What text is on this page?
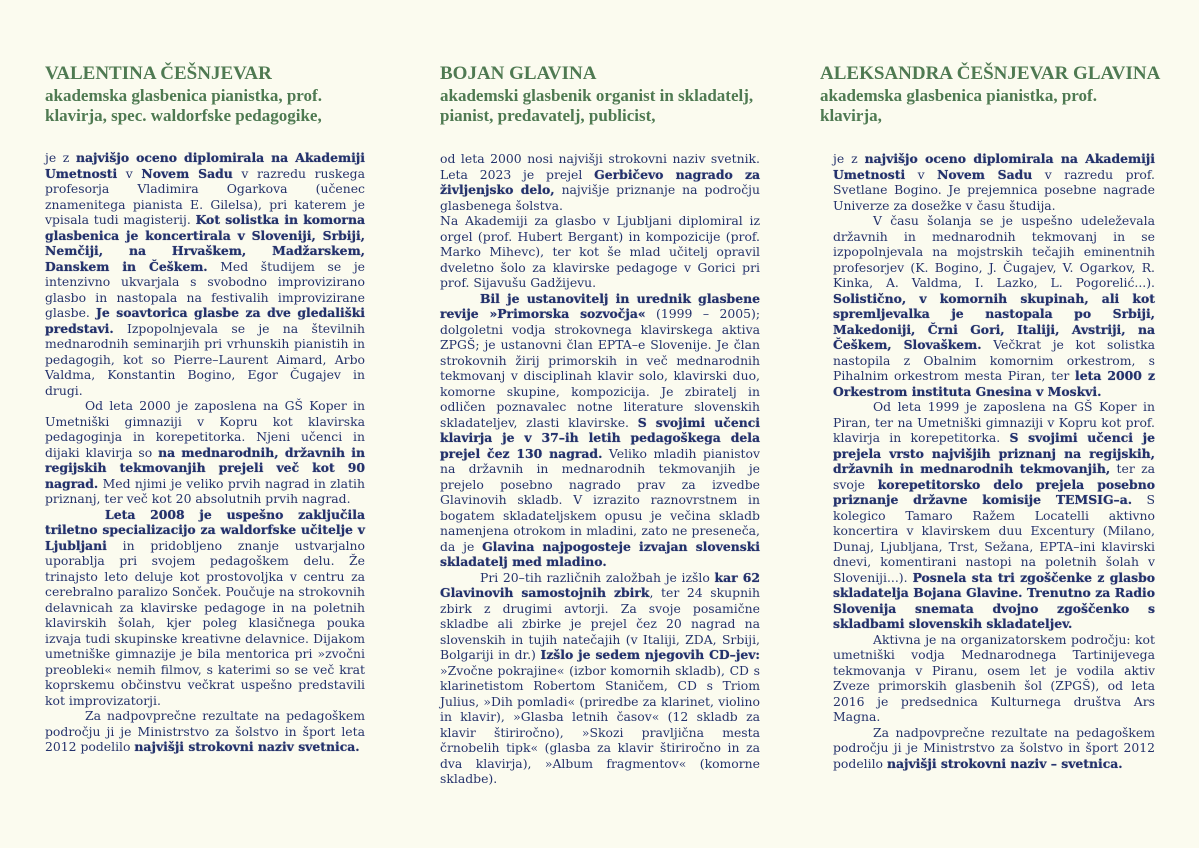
VALENTINA ČEŠNJEVAR
akademska glasbenica pianistka, prof. klavirja, spec. waldorfske pedagogike,
BOJAN GLAVINA
akademski glasbenik organist in skladatelj, pianist, predavatelj, publicist,
ALEKSANDRA ČEŠNJEVAR GLAVINA
akademska glasbenica pianistka, prof. klavirja,

je z najvišjo oceno diplomirala na Akademiji Umetnosti v Novem Sadu v razredu ruskega profesorja Vladimira Ogarkova (učenec znamenitega pianista E. Gilelsa), pri katerem je vpisala tudi magisterij. Kot solistka in komorna glasbenica je koncertirala v Sloveniji, Srbiji, Nemčiji, na Hrvaškem, Madžarskem, Danskem in Češkem. Med študijem se je intenzivno ukvarjala s svobodno improvizirano glasbo in nastopala na festivalih improvizirane glasbe. Je soavtorica glasbe za dve gledališki predstavi. Izpopolnjevala se je na številnih mednarodnih seminarjih pri vrhunskih pianistih in pedagogih, kot so Pierre–Laurent Aimard, Arbo Valdma, Konstantin Bogino, Egor Čugajev in drugi.

Od leta 2000 je zaposlena na GŠ Koper in Umetniški gimnaziji v Kopru kot klavirska pedagoginja in korepetitorka. Njeni učenci in dijaki klavirja so na mednarodnih, državnih in regijskih tekmovanjih prejeli več kot 90 nagrad. Med njimi je veliko prvih nagrad in zlatih priznanj, ter več kot 20 absolutnih prvih nagrad.

Leta 2008 je uspešno zaključila triletno specializacijo za waldorfske učitelje v Ljubljani in pridobljeno znanje ustvarjalno uporablja pri svojem pedagoškem delu. Že trinajsto leto deluje kot prostovoljka v centru za cerebralno paralizo Sonček. Poučuje na strokovnih delavnicah za klavirske pedagoge in na poletnih klavirskih šolah, kjer poleg klasičnega pouka izvaja tudi skupinske kreativne delavnice. Dijakom umetniške gimnazije je bila mentorica pri »zvočni preobleki« nemih filmov, s katerimi so se več krat koprskemu občinstvu večkrat uspešno predstavili kot improvizatorji.

Za nadpovprečne rezultate na pedagoškem področju ji je Ministrstvo za šolstvo in šport leta 2012 podelilo najvišji strokovni naziv svetnica.

od leta 2000 nosi najvišji strokovni naziv svetnik. Leta 2023 je prejel Gerbičevo nagrado za življenjsko delo, najvišje priznanje na področju glasbenega šolstva.

Na Akademiji za glasbo v Ljubljani diplomiral iz orgel (prof. Hubert Bergant) in kompozicije (prof. Marko Mihevc), ter kot še mlad učitelj opravil dveletno šolo za klavirske pedagoge v Gorici pri prof. Sijavušu Gadžijevu.

Bil je ustanovitelj in urednik glasbene revije »Primorska sozvočja« (1999 – 2005); dolgoletni vodja strokovnega klavirskega aktiva ZPGŠ; je ustanovni član EPTA–e Slovenije. Je član strokovnih žirij primorskih in več mednarodnih tekmovanj v disciplinah klavir solo, klavirski duo, komorne skupine, kompozicija. Je zbiratelj in odličen poznavalec notne literature slovenskih skladateljev, zlasti klavirske. S svojimi učenci klavirja je v 37–ih letih pedagoškega dela prejel čez 130 nagrad. Veliko mladih pianistov na državnih in mednarodnih tekmovanjih je prejelo posebno nagrado prav za izvedbe Glavinovih skladb. V izrazito raznovrstnem in bogatem skladateljskem opusu je večina skladb namenjena otrokom in mladini, zato ne preseneča, da je Glavina najpogosteje izvajan slovenski skladatelj med mladino.

Pri 20–tih različnih založbah je izšlo kar 62 Glavinovih samostojnih zbirk, ter 24 skupnih zbirk z drugimi avtorji. Za svoje posamične skladbe ali zbirke je prejel čez 20 nagrad na slovenskih in tujih natečajih (v Italiji, ZDA, Srbiji, Bolgariji in dr.) Izšlo je sedem njegovih CD–jev: »Zvočne pokrajine« (izbor komornih skladb), CD s klarinetistom Robertom Staničem, CD s Triom Julius, »Dih pomladi« (priredbe za klarinet, violino in klavir), »Glasba letnih časov« (12 skladb za klavir štiriročno), »Skozi pravljična mesta črnobelih tipk« (glasba za klavir štiriročno in za dva klavirja), »Album fragmentov« (komorne skladbe).

je z najvišjo oceno diplomirala na Akademiji Umetnosti v Novem Sadu v razredu prof. Svetlane Bogino. Je prejemnica posebne nagrade Univerze za dosežke v času študija.

V času šolanja se je uspešno udeleževala državnih in mednarodnih tekmovanj in se izpopolnjevala na mojstrskih tečajih eminentnih profesorjev (K. Bogino, J. Čugajev, V. Ogarkov, R. Kinka, A. Valdma, I. Lazko, L. Pogorelić...). Solistično, v komornih skupinah, ali kot spremljevalka je nastopala po Srbiji, Makedoniji, Črni Gori, Italiji, Avstriji, na Češkem, Slovaškem. Večkrat je kot solistka nastopila z Obalnim komornim orkestrom, s Pihalnim orkestrom mesta Piran, ter leta 2000 z Orkestrom instituta Gnesina v Moskvi.

Od leta 1999 je zaposlena na GŠ Koper in Piran, ter na Umetniški gimnaziji v Kopru kot prof. klavirja in korepetitorka. S svojimi učenci je prejela vrsto najvišjih priznanj na regijskih, državnih in mednarodnih tekmovanjih, ter za svoje korepetitorsko delo prejela posebno priznanje državne komisije TEMSIG–a. S kolegico Tamaro Ražem Locatelli aktivno koncertira v klavirskem duu Excentury (Milano, Dunaj, Ljubljana, Trst, Sežana, EPTA–ini klavirski dnevi, komentirani nastopi na poletnih šolah v Sloveniji...). Posnela sta tri zgoščenke z glasbo skladatelja Bojana Glavine. Trenutno za Radio Slovenija snemata dvojno zgoščenko s skladbami slovenskih skladateljev.

Aktivna je na organizatorskem področju: kot umetniški vodja Mednarodnega Tartinijevega tekmovanja v Piranu, osem let je vodila aktiv Zveze primorskih glasbenih šol (ZPGŠ), od leta 2016 je predsednica Kulturnega društva Ars Magna.

Za nadpovprečne rezultate na pedagoškem področju ji je Ministrstvo za šolstvo in šport 2012 podelilo najvišji strokovni naziv – svetnica.
